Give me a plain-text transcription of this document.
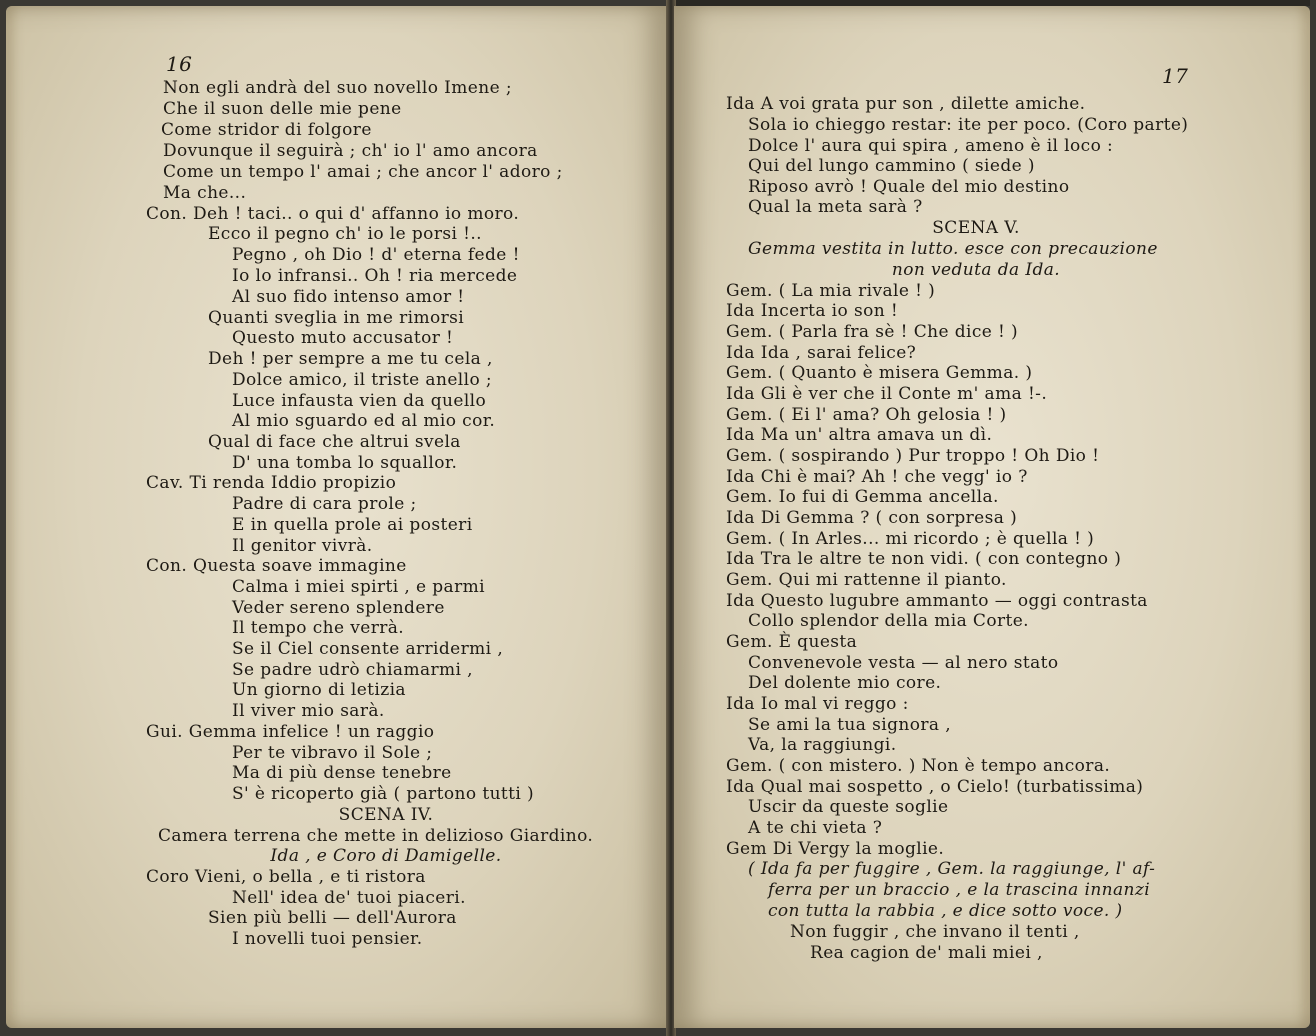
16
Non egli andrà del suo novello Imene ;
Che il suon delle mie pene
Come stridor di folgore
Dovunque il seguirà ; ch' io l' amo ancora
Come un tempo l' amai ; che ancor l' adoro ;
Ma che...
Con. Deh ! taci.. o qui d' affanno io moro.
Ecco il pegno ch' io le porsi !..
Pegno , oh Dio ! d' eterna fede !
Io lo infransi.. Oh ! ria mercede
Al suo fido intenso amor !
Quanti sveglia in me rimorsi
Questo muto accusator !
Deh ! per sempre a me tu cela ,
Dolce amico, il triste anello ;
Luce infausta vien da quello
Al mio sguardo ed al mio cor.
Qual di face che altrui svela
D' una tomba lo squallor.
Cav. Ti renda Iddio propizio
Padre di cara prole ;
E in quella prole ai posteri
Il genitor vivrà.
Con. Questa soave immagine
Calma i miei spirti , e parmi
Veder sereno splendere
Il tempo che verrà.
Se il Ciel consente arridermi ,
Se padre udrò chiamarmi ,
Un giorno di letizia
Il viver mio sarà.
Gui. Gemma infelice ! un raggio
Per te vibravo il Sole ;
Ma di più dense tenebre
S' è ricoperto già ( partono tutti )
SCENA IV.
Camera terrena che mette in delizioso Giardino.
Ida , e Coro di Damigelle.
Coro Vieni, o bella , e ti ristora
Nell' idea de' tuoi piaceri.
Sien più belli — dell'Aurora
I novelli tuoi pensier.
17
Ida A voi grata pur son , dilette amiche.
Sola io chieggo restar: ite per poco. (Coro parte)
Dolce l' aura qui spira , ameno è il loco :
Qui del lungo cammino ( siede )
Riposo avrò ! Quale del mio destino
Qual la meta sarà ?
SCENA V.
Gemma vestita in lutto. esce con precauzione
non veduta da Ida.
Gem. ( La mia rivale ! )
Ida Incerta io son !
Gem. ( Parla fra sè ! Che dice ! )
Ida Ida , sarai felice?
Gem. ( Quanto è misera Gemma. )
Ida Gli è ver che il Conte m' ama !-.
Gem. ( Ei l' ama? Oh gelosia ! )
Ida Ma un' altra amava un dì.
Gem. ( sospirando ) Pur troppo ! Oh Dio !
Ida Chi è mai? Ah ! che vegg' io ?
Gem. Io fui di Gemma ancella.
Ida Di Gemma ? ( con sorpresa )
Gem. ( In Arles... mi ricordo ; è quella ! )
Ida Tra le altre te non vidi. ( con contegno )
Gem. Qui mi rattenne il pianto.
Ida Questo lugubre ammanto — oggi contrasta
Collo splendor della mia Corte.
Gem. È questa
Convenevole vesta — al nero stato
Del dolente mio core.
Ida Io mal vi reggo :
Se ami la tua signora ,
Va, la raggiungi.
Gem. ( con mistero. ) Non è tempo ancora.
Ida Qual mai sospetto , o Cielo! (turbatissima)
Uscir da queste soglie
A te chi vieta ?
Gem Di Vergy la moglie.
( Ida fa per fuggire , Gem. la raggiunge, l' af-
ferra per un braccio , e la trascina innanzi
con tutta la rabbia , e dice sotto voce. )
Non fuggir , che invano il tenti ,
Rea cagion de' mali miei ,
